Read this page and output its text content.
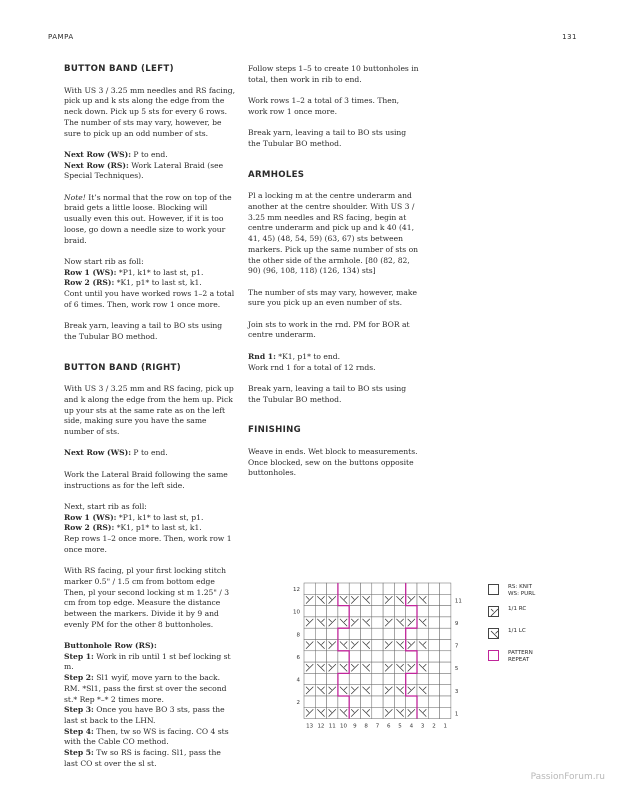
PAMPA	131
BUTTON BAND (LEFT)

With US 3 / 3.25 mm needles and RS facing, pick up and k sts along the edge from the neck down. Pick up 5 sts for every 6 rows. The number of sts may vary, however, be sure to pick up an odd number of sts.

Next Row (WS): P to end.
Next Row (RS): Work Lateral Braid (see Special Techniques).

Note! It’s normal that the row on top of the braid gets a little loose. Blocking will usually even this out. However, if it is too loose, go down a needle size to work your braid.

Now start rib as foll:
Row 1 (WS): *P1, k1* to last st, p1.
Row 2 (RS): *K1, p1* to last st, k1.
Cont until you have worked rows 1–2 a total of 6 times. Then, work row 1 once more.

Break yarn, leaving a tail to BO sts using the Tubular BO method.

BUTTON BAND (RIGHT)

With US 3 / 3.25 mm and RS facing, pick up and k along the edge from the hem up. Pick up your sts at the same rate as on the left side, making sure you have the same number of sts.

Next Row (WS): P to end.

Work the Lateral Braid following the same instructions as for the left side.

Next, start rib as foll:
Row 1 (WS): *P1, k1* to last st, p1.
Row 2 (RS): *K1, p1* to last st, k1.
Rep rows 1–2 once more. Then, work row 1 once more.

With RS facing, pl your first locking stitch marker 0.5" / 1.5 cm from bottom edge Then, pl your second locking st m 1.25" / 3 cm from top edge. Measure the distance between the markers. Divide it by 9 and evenly PM for the other 8 buttonholes.

Buttonhole Row (RS):
Step 1: Work in rib until 1 st bef locking st m.
Step 2: Sl1 wyif, move yarn to the back. RM. *Sl1, pass the first st over the second st.* Rep *–* 2 times more.
Step 3: Once you have BO 3 sts, pass the last st back to the LHN.
Step 4: Then, tw so WS is facing. CO 4 sts with the Cable CO method.
Step 5: Tw so RS is facing. Sl1, pass the last CO st over the sl st.

Follow steps 1–5 to create 10 buttonholes in total, then work in rib to end.

Work rows 1–2 a total of 3 times. Then, work row 1 once more.

Break yarn, leaving a tail to BO sts using the Tubular BO method.

ARMHOLES

Pl a locking m at the centre underarm and another at the centre shoulder. With US 3 / 3.25 mm needles and RS facing, begin at centre underarm and pick up and k 40 (41, 41, 45) (48, 54, 59) (63, 67) sts between markers. Pick up the same number of sts on the other side of the armhole. [80 (82, 82, 90) (96, 108, 118) (126, 134) sts]

The number of sts may vary, however, make sure you pick up an even number of sts.

Join sts to work in the rnd. PM for BOR at centre underarm.

Rnd 1: *K1, p1* to end.
Work rnd 1 for a total of 12 rnds.

Break yarn, leaving a tail to BO sts using the Tubular BO method.

FINISHING

Weave in ends. Wet block to measurements. Once blocked, sew on the buttons opposite buttonholes.

12
10
8
6
4
2
11
9
7
5
3
1
13 12 11 10 9 8 7 6 5 4 3 2 1
RS: KNIT
WS: PURL
1/1 RC
1/1 LC
PATTERN
REPEAT
PassionForum.ru
